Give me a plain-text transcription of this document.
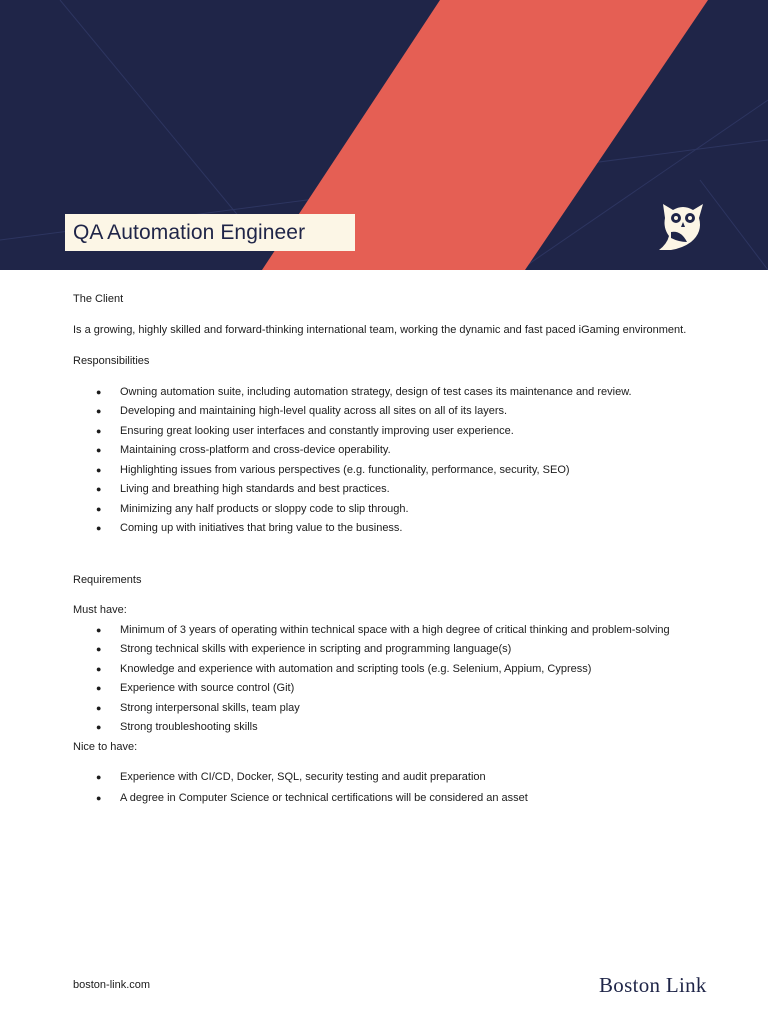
QA Automation Engineer

The Client

Is a growing, highly skilled and forward-thinking international team, working the dynamic and fast paced iGaming environment.

Responsibilities

● Owning automation suite, including automation strategy, design of test cases its maintenance and review.
● Developing and maintaining high-level quality across all sites on all of its layers.
● Ensuring great looking user interfaces and constantly improving user experience.
● Maintaining cross-platform and cross-device operability.
● Highlighting issues from various perspectives (e.g. functionality, performance, security, SEO)
● Living and breathing high standards and best practices.
● Minimizing any half products or sloppy code to slip through.
● Coming up with initiatives that bring value to the business.

Requirements

Must have:

● Minimum of 3 years of operating within technical space with a high degree of critical thinking and problem-solving
● Strong technical skills with experience in scripting and programming language(s)
● Knowledge and experience with automation and scripting tools (e.g. Selenium, Appium, Cypress)
● Experience with source control (Git)
● Strong interpersonal skills, team play
● Strong troubleshooting skills

Nice to have:

● Experience with CI/CD, Docker, SQL, security testing and audit preparation
● A degree in Computer Science or technical certifications will be considered an asset
boston-link.com	Boston Link
